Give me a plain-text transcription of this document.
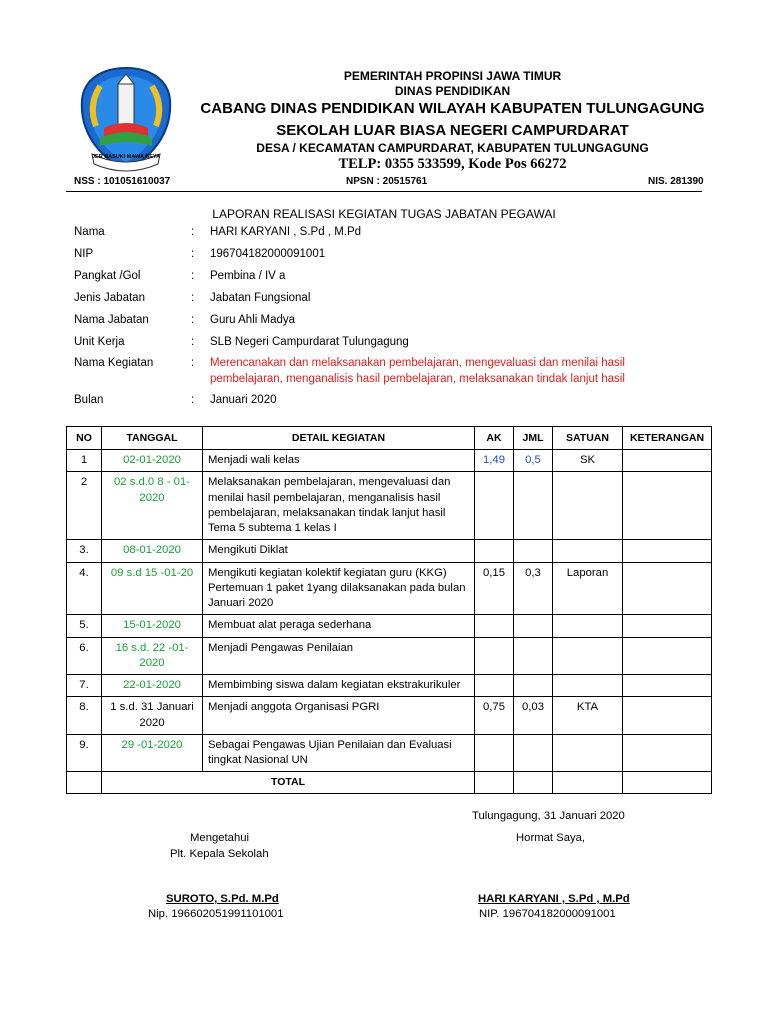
JER BASUKI MAWA BEYA
PEMERINTAH PROPINSI JAWA TIMUR
DINAS PENDIDIKAN
CABANG DINAS PENDIDIKAN WILAYAH KABUPATEN TULUNGAGUNG
SEKOLAH LUAR BIASA NEGERI CAMPURDARAT
DESA / KECAMATAN CAMPURDARAT, KABUPATEN TULUNGAGUNG
TELP: 0355 533599, Kode Pos 66272
NSS : 101051610037	NPSN : 20515761	NIS. 281390
LAPORAN REALISASI KEGIATAN TUGAS JABATAN PEGAWAI
Nama	: HARI KARYANI , S.Pd , M.Pd
NIP	: 196704182000091001
Pangkat /Gol	: Pembina / IV a
Jenis Jabatan	: Jabatan Fungsional
Nama Jabatan	: Guru Ahli Madya
Unit Kerja	: SLB Negeri Campurdarat Tulungagung
Nama Kegiatan	: Merencanakan dan melaksanakan pembelajaran, mengevaluasi dan menilai hasil
pembelajaran, menganalisis hasil pembelajaran, melaksanakan tindak lanjut hasil
Bulan	: Januari 2020
NO	TANGGAL	DETAIL KEGIATAN	AK	JML	SATUAN	KETERANGAN
1	02-01-2020	Menjadi wali kelas	1,49	0,5	SK	
2	02 s.d.0 8 - 01-2020	Melaksanakan pembelajaran, mengevaluasi dan menilai hasil pembelajaran, menganalisis hasil pembelajaran, melaksanakan tindak lanjut hasil Tema 5 subtema 1 kelas I				
3.	08-01-2020	Mengikuti Diklat				
4.	09 s.d 15 -01-20	Mengikuti kegiatan kolektif kegiatan guru (KKG) Pertemuan 1 paket 1yang dilaksanakan pada bulan Januari 2020	0,15	0,3	Laporan	
5.	15-01-2020	Membuat alat peraga sederhana				
6.	16 s.d. 22 -01-2020	Menjadi Pengawas Penilaian				
7.	22-01-2020	Membimbing siswa dalam kegiatan ekstrakurikuler				
8.	1 s.d. 31 Januari 2020	Menjadi anggota Organisasi PGRI	0,75	0,03	KTA	
9.	29 -01-2020	Sebagai Pengawas Ujian Penilaian dan Evaluasi tingkat Nasional UN				
	TOTAL					
Tulungagung, 31 Januari 2020
Mengetahui
Plt. Kepala Sekolah
Hormat Saya,
SUROTO, S.Pd. M.Pd
Nip. 196602051991101001
HARI KARYANI , S.Pd , M.Pd
NIP. 196704182000091001
